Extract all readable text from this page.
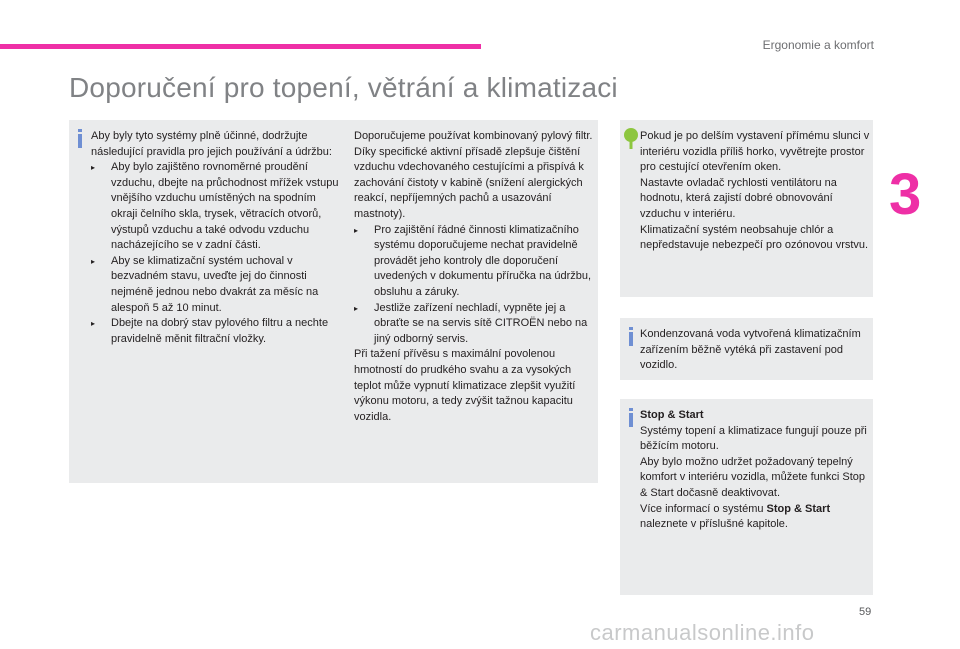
Ergonomie a komfort
3
Doporučení pro topení, větrání a klimatizaci

Aby byly tyto systémy plně účinné, dodržujte následující pravidla pro jejich používání a údržbu:

▸ Aby bylo zajištěno rovnoměrné proudění vzduchu, dbejte na průchodnost mřížek vstupu vnějšího vzduchu umístěných na spodním okraji čelního skla, trysek, větracích otvorů, výstupů vzduchu a také odvodu vzduchu nacházejícího se v zadní části.
▸ Aby se klimatizační systém uchoval v bezvadném stavu, uveďte jej do činnosti nejméně jednou nebo dvakrát za měsíc na alespoň 5 až 10 minut.
▸ Dbejte na dobrý stav pylového filtru a nechte pravidelně měnit filtrační vložky.

Doporučujeme používat kombinovaný pylový filtr. Díky specifické aktivní přísadě zlepšuje čištění vzduchu vdechovaného cestujícími a přispívá k zachování čistoty v kabině (snížení alergických reakcí, nepříjemných pachů a usazování mastnoty).

▸ Pro zajištění řádné činnosti klimatizačního systému doporučujeme nechat pravidelně provádět jeho kontroly dle doporučení uvedených v dokumentu příručka na údržbu, obsluhu a záruky.
▸ Jestliže zařízení nechladí, vypněte jej a obraťte se na servis sítě CITROËN nebo na jiný odborný servis.

Při tažení přívěsu s maximální povolenou hmotností do prudkého svahu a za vysokých teplot může vypnutí klimatizace zlepšit využití výkonu motoru, a tedy zvýšit tažnou kapacitu vozidla.

Pokud je po delším vystavení přímému slunci v interiéru vozidla příliš horko, vyvětrejte prostor pro cestující otevřením oken.

Nastavte ovladač rychlosti ventilátoru na hodnotu, která zajistí dobré obnovování vzduchu v interiéru.

Klimatizační systém neobsahuje chlór a nepředstavuje nebezpečí pro ozónovou vrstvu.

Kondenzovaná voda vytvořená klimatizačním zařízením běžně vytéká při zastavení pod vozidlo.

Stop & Start

Systémy topení a klimatizace fungují pouze při běžícím motoru.

Aby bylo možno udržet požadovaný tepelný komfort v interiéru vozidla, můžete funkci Stop & Start dočasně deaktivovat.

Více informací o systému Stop & Start naleznete v příslušné kapitole.

59
carmanualsonline.info
